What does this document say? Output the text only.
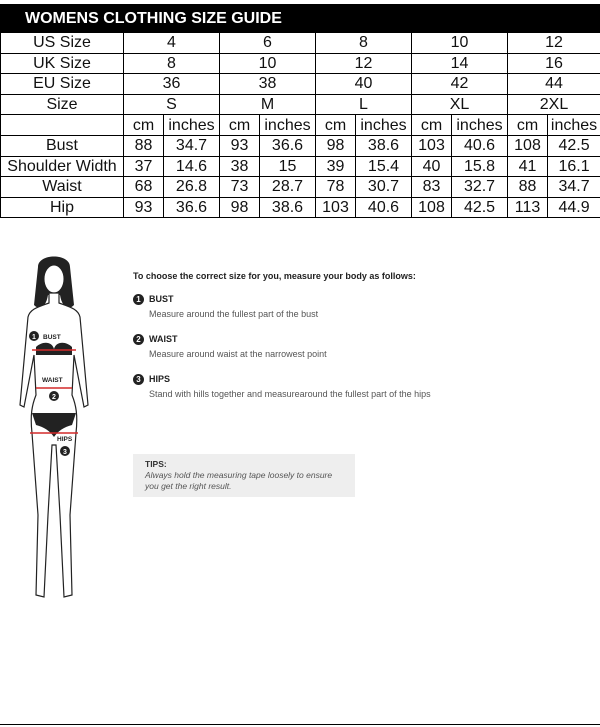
WOMENS CLOTHING SIZE GUIDE
US Size	4		6		8		10		12	
UK Size	8		10		12		14		16	
EU Size	36		38		40		42		44	
Size	S		M		L		XL		2XL	
	cm	inches	cm	inches	cm	inches	cm	inches	cm	inches
Bust	88	34.7	93	36.6	98	38.6	103	40.6	108	42.5
Shoulder Width	37	14.6	38	15	39	15.4	40	15.8	41	16.1
Waist	68	26.8	73	28.7	78	30.7	83	32.7	88	34.7
Hip	93	36.6	98	38.6	103	40.6	108	42.5	113	44.9
1 BUST
WAIST
2
HIPS
3
To choose the correct size for you, measure your body as follows:
1 BUST
Measure around the fullest part of the bust
2 WAIST
Measure around waist at the narrowest point
3 HIPS
Stand with hills together and measurearound the fullest part of the hips
TIPS:
Always hold the measuring tape loosely to ensure you get the right result.
